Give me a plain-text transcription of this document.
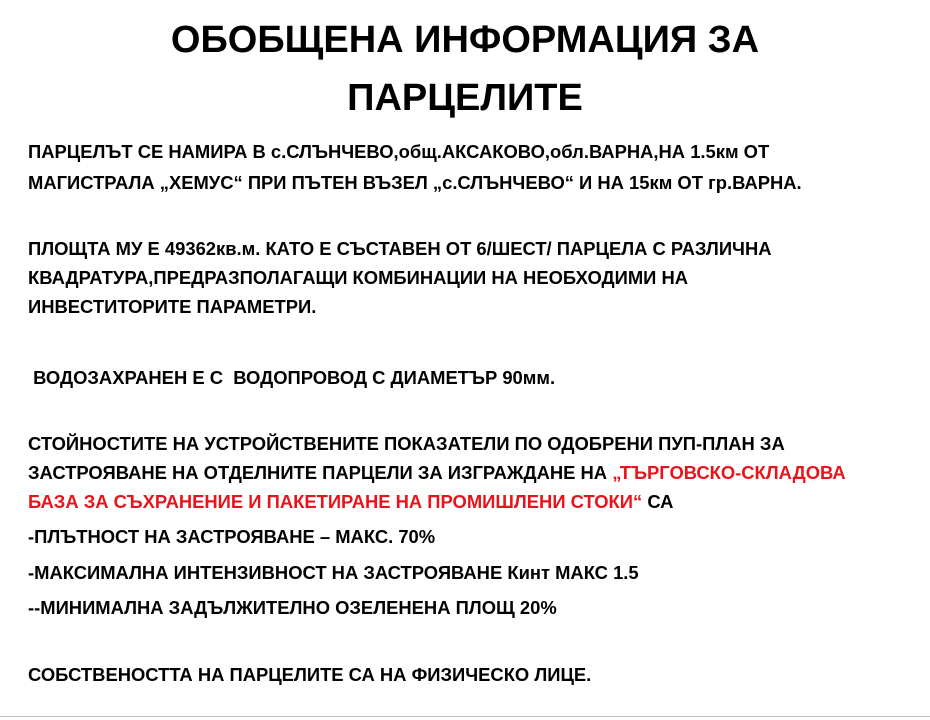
ОБОБЩЕНА ИНФОРМАЦИЯ ЗА
ПАРЦЕЛИТЕ
ПАРЦЕЛЪТ СЕ НАМИРА В с.СЛЪНЧЕВО,общ.АКСАКОВО,обл.ВАРНА,НА 1.5км ОТ
МАГИСТРАЛА „ХЕМУС“ ПРИ ПЪТЕН ВЪЗЕЛ „с.СЛЪНЧЕВО“ И НА 15км ОТ гр.ВАРНА.
ПЛОЩТА МУ Е 49362кв.м. КАТО Е СЪСТАВЕН ОТ 6/ШЕСТ/ ПАРЦЕЛА С РАЗЛИЧНА
КВАДРАТУРА,ПРЕДРАЗПОЛАГАЩИ КОМБИНАЦИИ НА НЕОБХОДИМИ НА
ИНВЕСТИТОРИТЕ ПАРАМЕТРИ.
ВОДОЗАХРАНЕН Е С  ВОДОПРОВОД С ДИАМЕТЪР 90мм.
СТОЙНОСТИТЕ НА УСТРОЙСТВЕНИТЕ ПОКАЗАТЕЛИ ПО ОДОБРЕНИ ПУП-ПЛАН ЗА
ЗАСТРОЯВАНЕ НА ОТДЕЛНИТЕ ПАРЦЕЛИ ЗА ИЗГРАЖДАНЕ НА „ТЪРГОВСКО-СКЛАДОВА
БАЗА ЗА СЪХРАНЕНИЕ И ПАКЕТИРАНЕ НА ПРОМИШЛЕНИ СТОКИ“ СА
-ПЛЪТНОСТ НА ЗАСТРОЯВАНЕ – МАКС. 70%
-МАКСИМАЛНА ИНТЕНЗИВНОСТ НА ЗАСТРОЯВАНЕ Кинт МАКС 1.5
--МИНИМАЛНА ЗАДЪЛЖИТЕЛНО ОЗЕЛЕНЕНА ПЛОЩ 20%
СОБСТВЕНОСТТА НА ПАРЦЕЛИТЕ СА НА ФИЗИЧЕСКО ЛИЦЕ.
